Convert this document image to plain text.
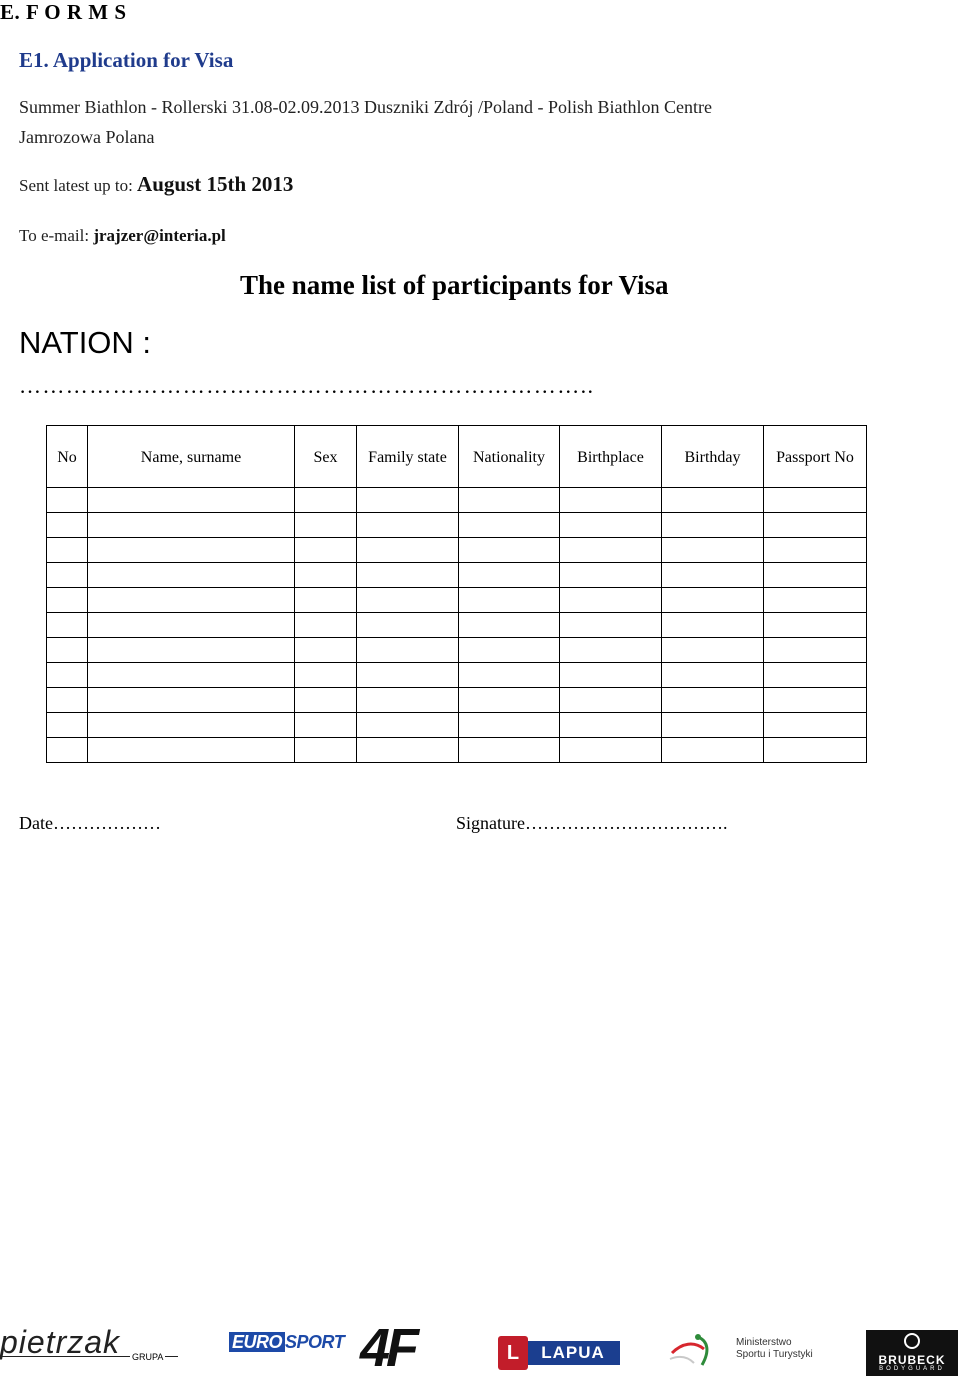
E. F O R M S
E1. Application for Visa
Summer Biathlon - Rollerski 31.08-02.09.2013 Duszniki Zdrój /Poland - Polish Biathlon Centre
Jamrozowa Polana
Sent latest up to: August 15th 2013
To e-mail: jrajzer@interia.pl
The name list of participants for Visa
NATION :
………………………………………………………………..
No	Name, surname	Sex	Family state	Nationality	Birthplace	Birthday	Passport No

Date………………	Signature…………………………….
pietrzak GRUPA
EURO SPORT 4F	LAPUA
L	Ministerstwo
Sportu i Turystyki	BRUBECK
BODYGUARD
